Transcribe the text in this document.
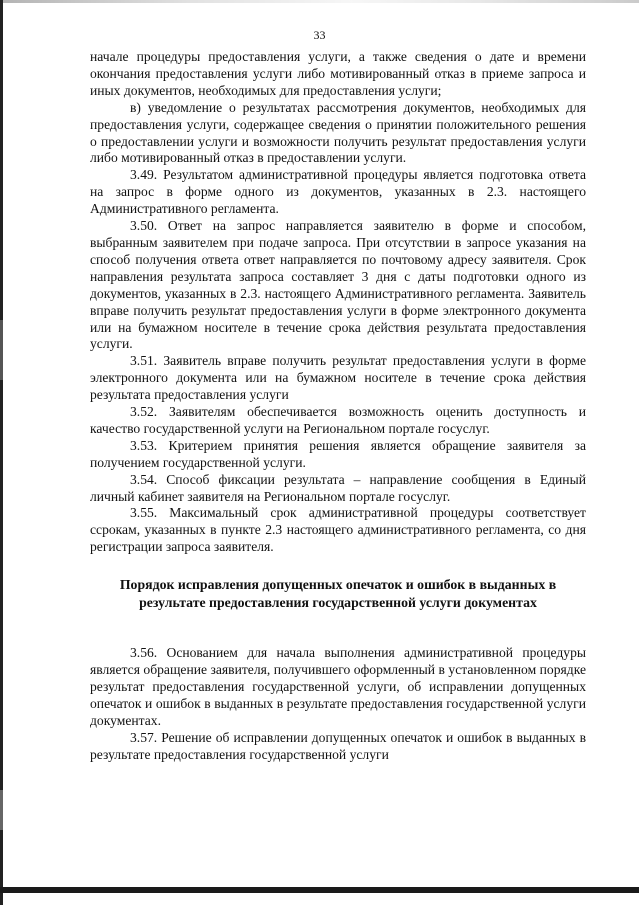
33

начале процедуры предоставления услуги, а также сведения о дате и времени окончания предоставления услуги либо мотивированный отказ в приеме запроса и иных документов, необходимых для предоставления услуги;

в) уведомление о результатах рассмотрения документов, необходимых для предоставления услуги, содержащее сведения о принятии положительного решения о предоставлении услуги и возможности получить результат предоставления услуги либо мотивированный отказ в предоставлении услуги.

3.49. Результатом административной процедуры является подготовка ответа на запрос в форме одного из документов, указанных в 2.3. настоящего Административного регламента.

3.50. Ответ на запрос направляется заявителю в форме и способом, выбранным заявителем при подаче запроса. При отсутствии в запросе указания на способ получения ответа ответ направляется по почтовому адресу заявителя. Срок направления результата запроса составляет 3 дня с даты подготовки одного из документов, указанных в 2.3. настоящего Административного регламента. Заявитель вправе получить результат предоставления услуги в форме электронного документа или на бумажном носителе в течение срока действия результата предоставления услуги.

3.51. Заявитель вправе получить результат предоставления услуги в форме электронного документа или на бумажном носителе в течение срока действия результата предоставления услуги

3.52. Заявителям обеспечивается возможность оценить доступность и качество государственной услуги на Региональном портале госуслуг.

3.53. Критерием принятия решения является обращение заявителя за получением государственной услуги.

3.54. Способ фиксации результата – направление сообщения в Единый личный кабинет заявителя на Региональном портале госуслуг.

3.55. Максимальный срок административной процедуры соответствует ссрокам, указанных в пункте 2.3 настоящего административного регламента, со дня регистрации запроса заявителя.

Порядок исправления допущенных опечаток и ошибок в выданных в результате предоставления государственной услуги документах

3.56. Основанием для начала выполнения административной процедуры является обращение заявителя, получившего оформленный в установленном порядке результат предоставления государственной услуги, об исправлении допущенных опечаток и ошибок в выданных в результате предоставления государственной услуги документах.

3.57. Решение об исправлении допущенных опечаток и ошибок в выданных в результате предоставления государственной услуги
